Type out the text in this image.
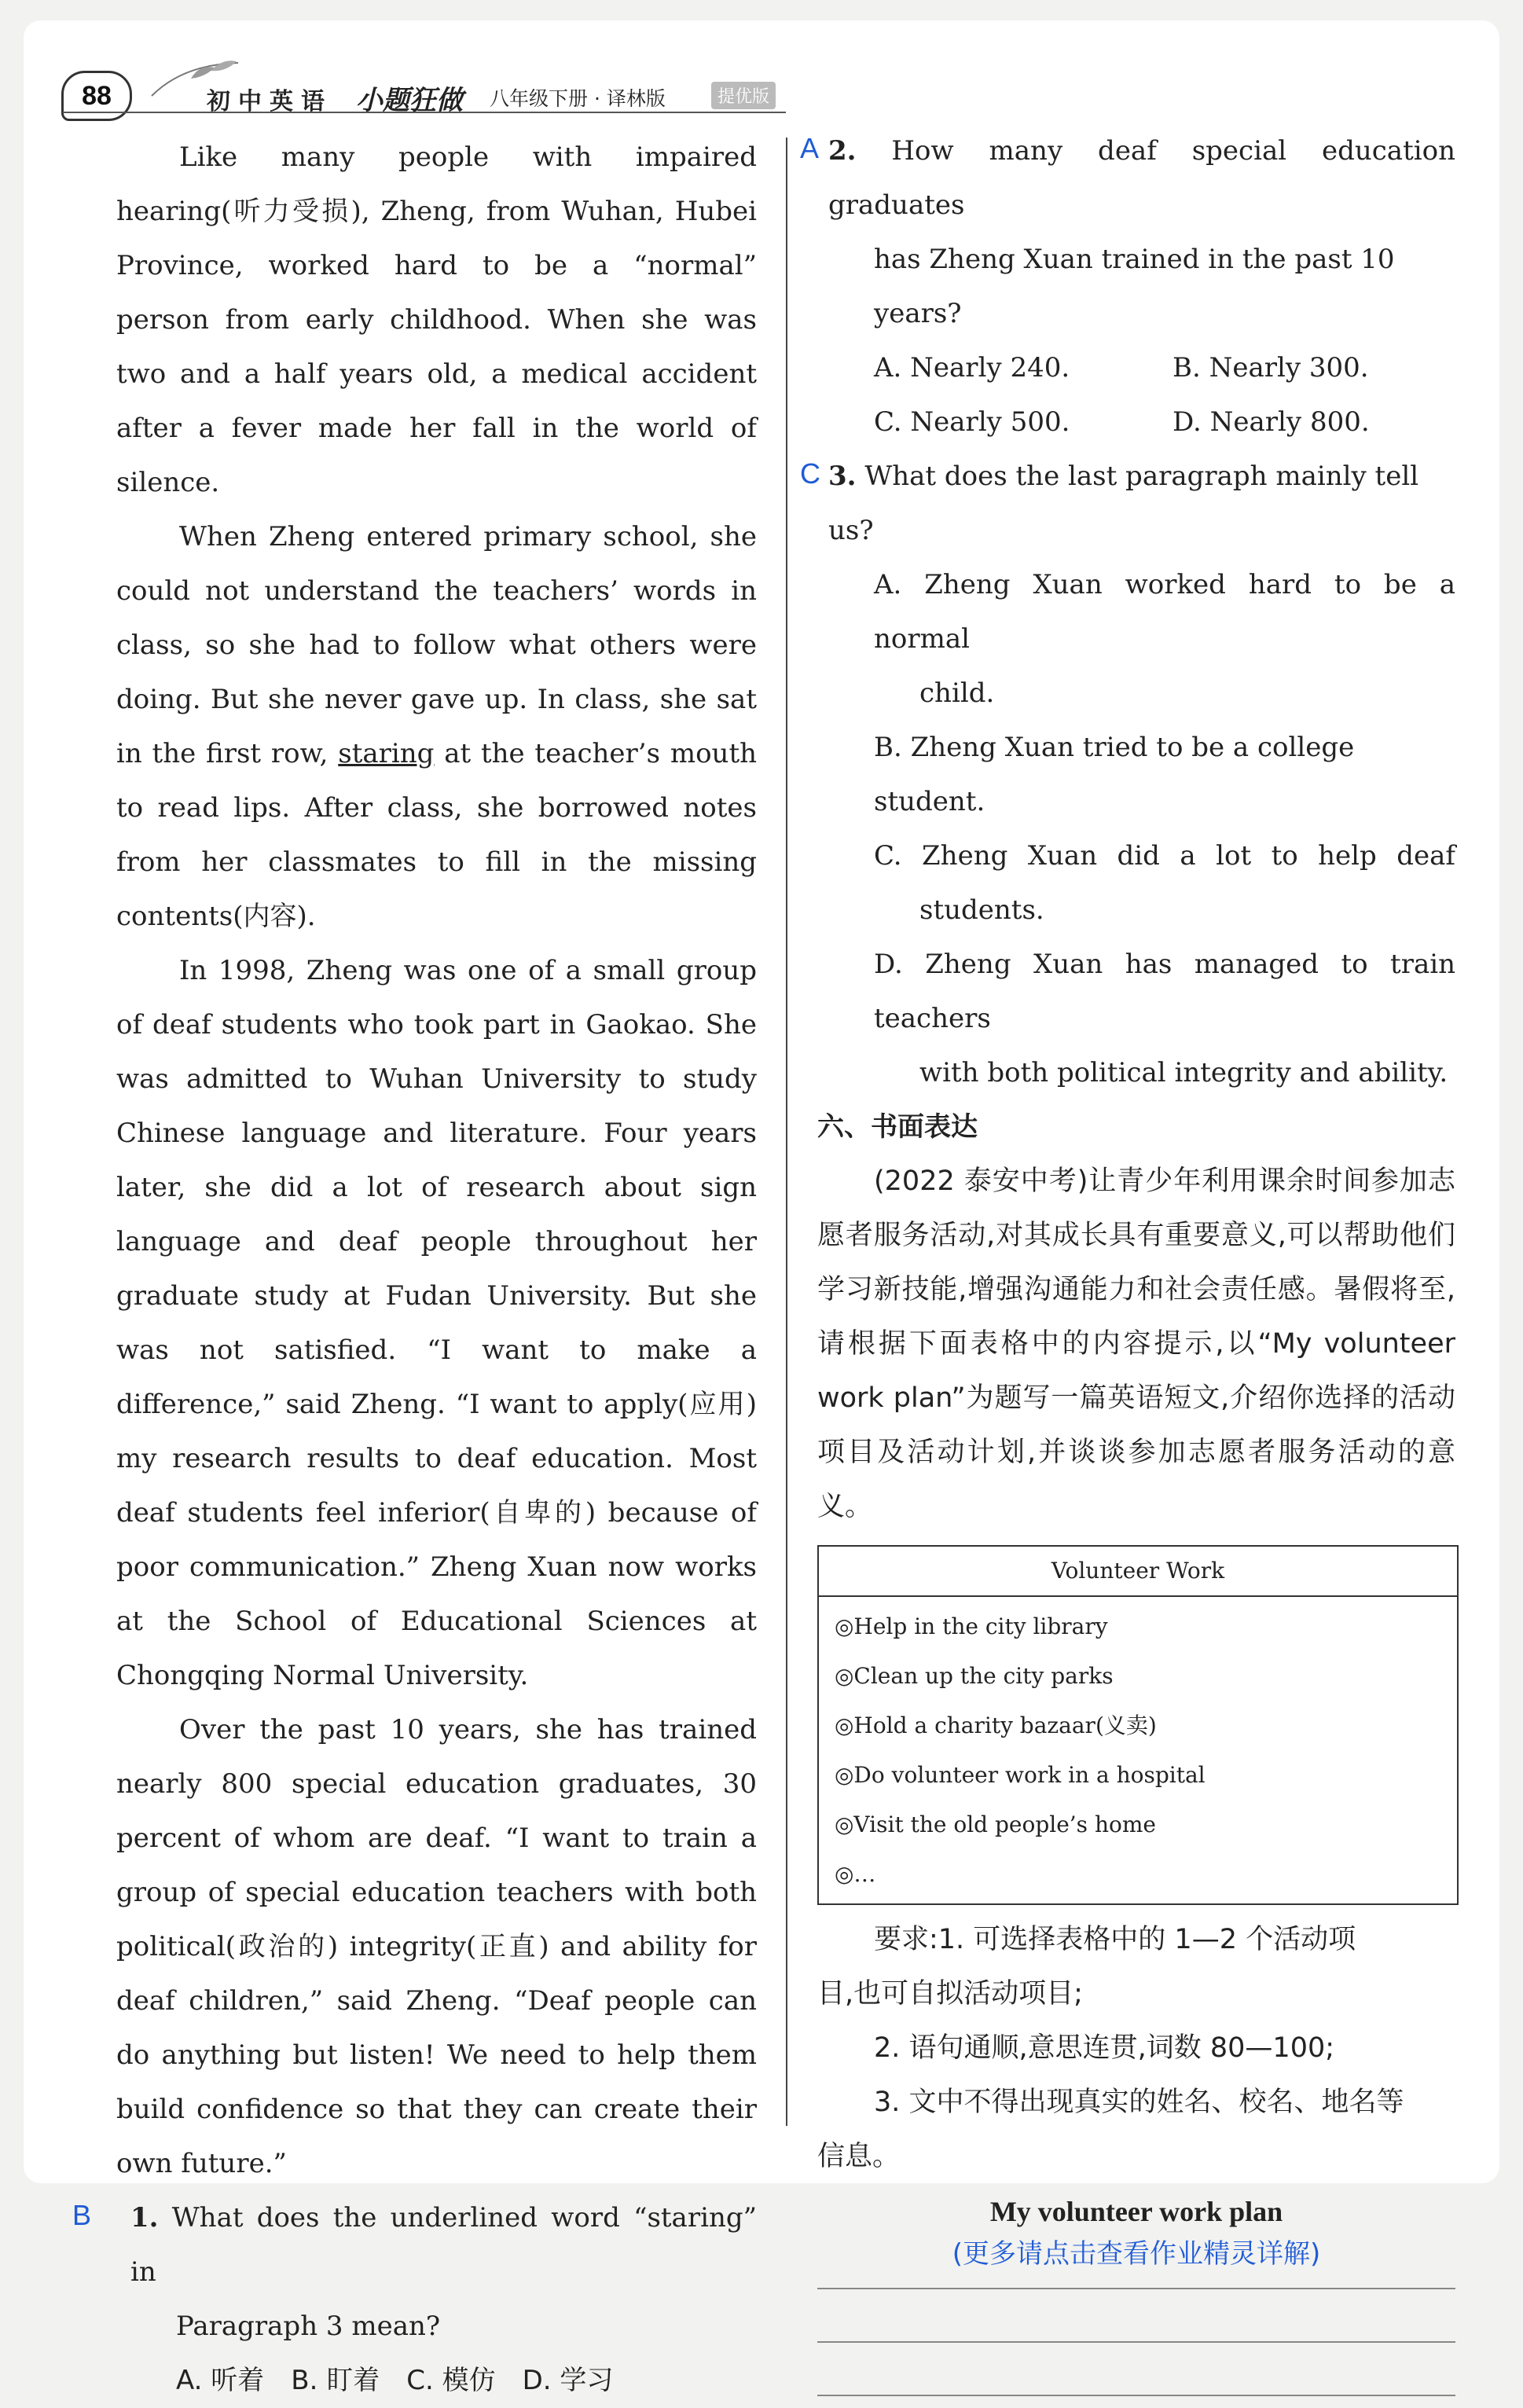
88	初中英语 小题狂做 八年级下册 · 译林版	提优版

Like many people with impaired hearing(听力受损), Zheng, from Wuhan, Hubei Province, worked hard to be a “normal” person from early childhood. When she was two and a half years old, a medical accident after a fever made her fall in the world of silence.

When Zheng entered primary school, she could not understand the teachers’ words in class, so she had to follow what others were doing. But she never gave up. In class, she sat in the first row, staring at the teacher’s mouth to read lips. After class, she borrowed notes from her classmates to fill in the missing contents(内容).

In 1998, Zheng was one of a small group of deaf students who took part in Gaokao. She was admitted to Wuhan University to study Chinese language and literature. Four years later, she did a lot of research about sign language and deaf people throughout her graduate study at Fudan University. But she was not satisfied. “I want to make a difference,” said Zheng. “I want to apply(应用) my research results to deaf education. Most deaf students feel inferior(自卑的) because of poor communication.” Zheng Xuan now works at the School of Educational Sciences at Chongqing Normal University.

Over the past 10 years, she has trained nearly 800 special education graduates, 30 percent of whom are deaf. “I want to train a group of special education teachers with both political(政治的) integrity(正直) and ability for deaf children,” said Zheng. “Deaf people can do anything but listen! We need to help them build confidence so that they can create their own future.”

B	1. What does the underlined word “staring” in

Paragraph 3 mean?

A. 听着　B. 盯着　C. 模仿　D. 学习

A 2. How many deaf special education graduates

has Zheng Xuan trained in the past 10 years?

A. Nearly 240.	B. Nearly 300.
C. Nearly 500.	D. Nearly 800.
C 3. What does the last paragraph mainly tell us?

A. Zheng Xuan worked hard to be a normal

child.

B. Zheng Xuan tried to be a college student.

C. Zheng Xuan did a lot to help deaf

students.

D. Zheng Xuan has managed to train teachers

with both political integrity and ability.

六、书面表达

(2022 泰安中考)让青少年利用课余时间参加志愿者服务活动,对其成长具有重要意义,可以帮助他们学习新技能,增强沟通能力和社会责任感。暑假将至,请根据下面表格中的内容提示,以“My volunteer work plan”为题写一篇英语短文,介绍你选择的活动项目及活动计划,并谈谈参加志愿者服务活动的意义。

Volunteer Work
◎Help in the city library
◎Clean up the city parks
◎Hold a charity bazaar(义卖)
◎Do volunteer work in a hospital
◎Visit the old people’s home
◎…

要求:1. 可选择表格中的 1—2 个活动项

目,也可自拟活动项目;

2. 语句通顺,意思连贯,词数 80—100;

3. 文中不得出现真实的姓名、校名、地名等

信息。

My volunteer work plan
(更多请点击查看作业精灵详解)
